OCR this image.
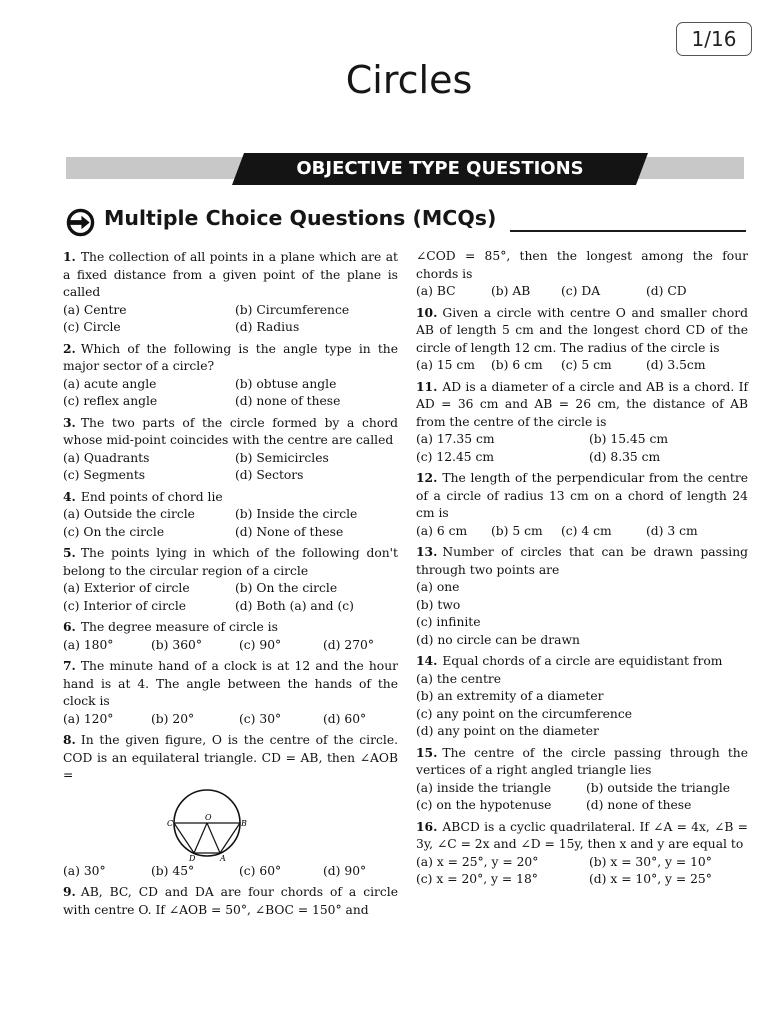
1/16
Circles
OBJECTIVE TYPE QUESTIONS
Multiple Choice Questions (MCQs)
1. The collection of all points in a plane which are at a fixed distance from a given point of the plane is called
(a) Centre	(b) Circumference
(c) Circle	(d) Radius
2. Which of the following is the angle type in the major sector of a circle?
(a) acute angle	(b) obtuse angle
(c) reflex angle	(d) none of these
3. The two parts of the circle formed by a chord whose mid-point coincides with the centre are called
(a) Quadrants	(b) Semicircles
(c) Segments	(d) Sectors
4. End points of chord lie
(a) Outside the circle	(b) Inside the circle
(c) On the circle	(d) None of these
5. The points lying in which of the following don't belong to the circular region of a circle
(a) Exterior of circle	(b) On the circle
(c) Interior of circle	(d) Both (a) and (c)
6. The degree measure of circle is
(a) 180°	(b) 360°	(c) 90°	(d) 270°
7. The minute hand of a clock is at 12 and the hour hand is at 4. The angle between the hands of the clock is
(a) 120°	(b) 20°	(c) 30°	(d) 60°
8. In the given figure, O is the centre of the circle. COD is an equilateral triangle. CD = AB, then ∠AOB =
O
C	B
D	A
(a) 30°	(b) 45°	(c) 60°	(d) 90°
9. AB, BC, CD and DA are four chords of a circle with centre O. If ∠AOB = 50°, ∠BOC = 150° and
∠COD = 85°, then the longest among the four chords is
(a) BC	(b) AB	(c) DA	(d) CD
10. Given a circle with centre O and smaller chord AB of length 5 cm and the longest chord CD of the circle of length 12 cm. The radius of the circle is
(a) 15 cm	(b) 6 cm	(c) 5 cm	(d) 3.5cm
11. AD is a diameter of a circle and AB is a chord. If AD = 36 cm and AB = 26 cm, the distance of AB from the centre of the circle is
(a) 17.35 cm	(b) 15.45 cm
(c) 12.45 cm	(d) 8.35 cm
12. The length of the perpendicular from the centre of a circle of radius 13 cm on a chord of length 24 cm is
(a) 6 cm	(b) 5 cm	(c) 4 cm	(d) 3 cm
13. Number of circles that can be drawn passing through two points are
(a) one
(b) two
(c) infinite
(d) no circle can be drawn
14. Equal chords of a circle are equidistant from
(a) the centre
(b) an extremity of a diameter
(c) any point on the circumference
(d) any point on the diameter
15. The centre of the circle passing through the vertices of a right angled triangle lies
(a) inside the triangle	(b) outside the triangle
(c) on the hypotenuse	(d) none of these
16. ABCD is a cyclic quadrilateral. If ∠A = 4x, ∠B = 3y, ∠C = 2x and ∠D = 15y, then x and y are equal to
(a) x = 25°, y = 20°	(b) x = 30°, y = 10°
(c) x = 20°, y = 18°	(d) x = 10°, y = 25°
